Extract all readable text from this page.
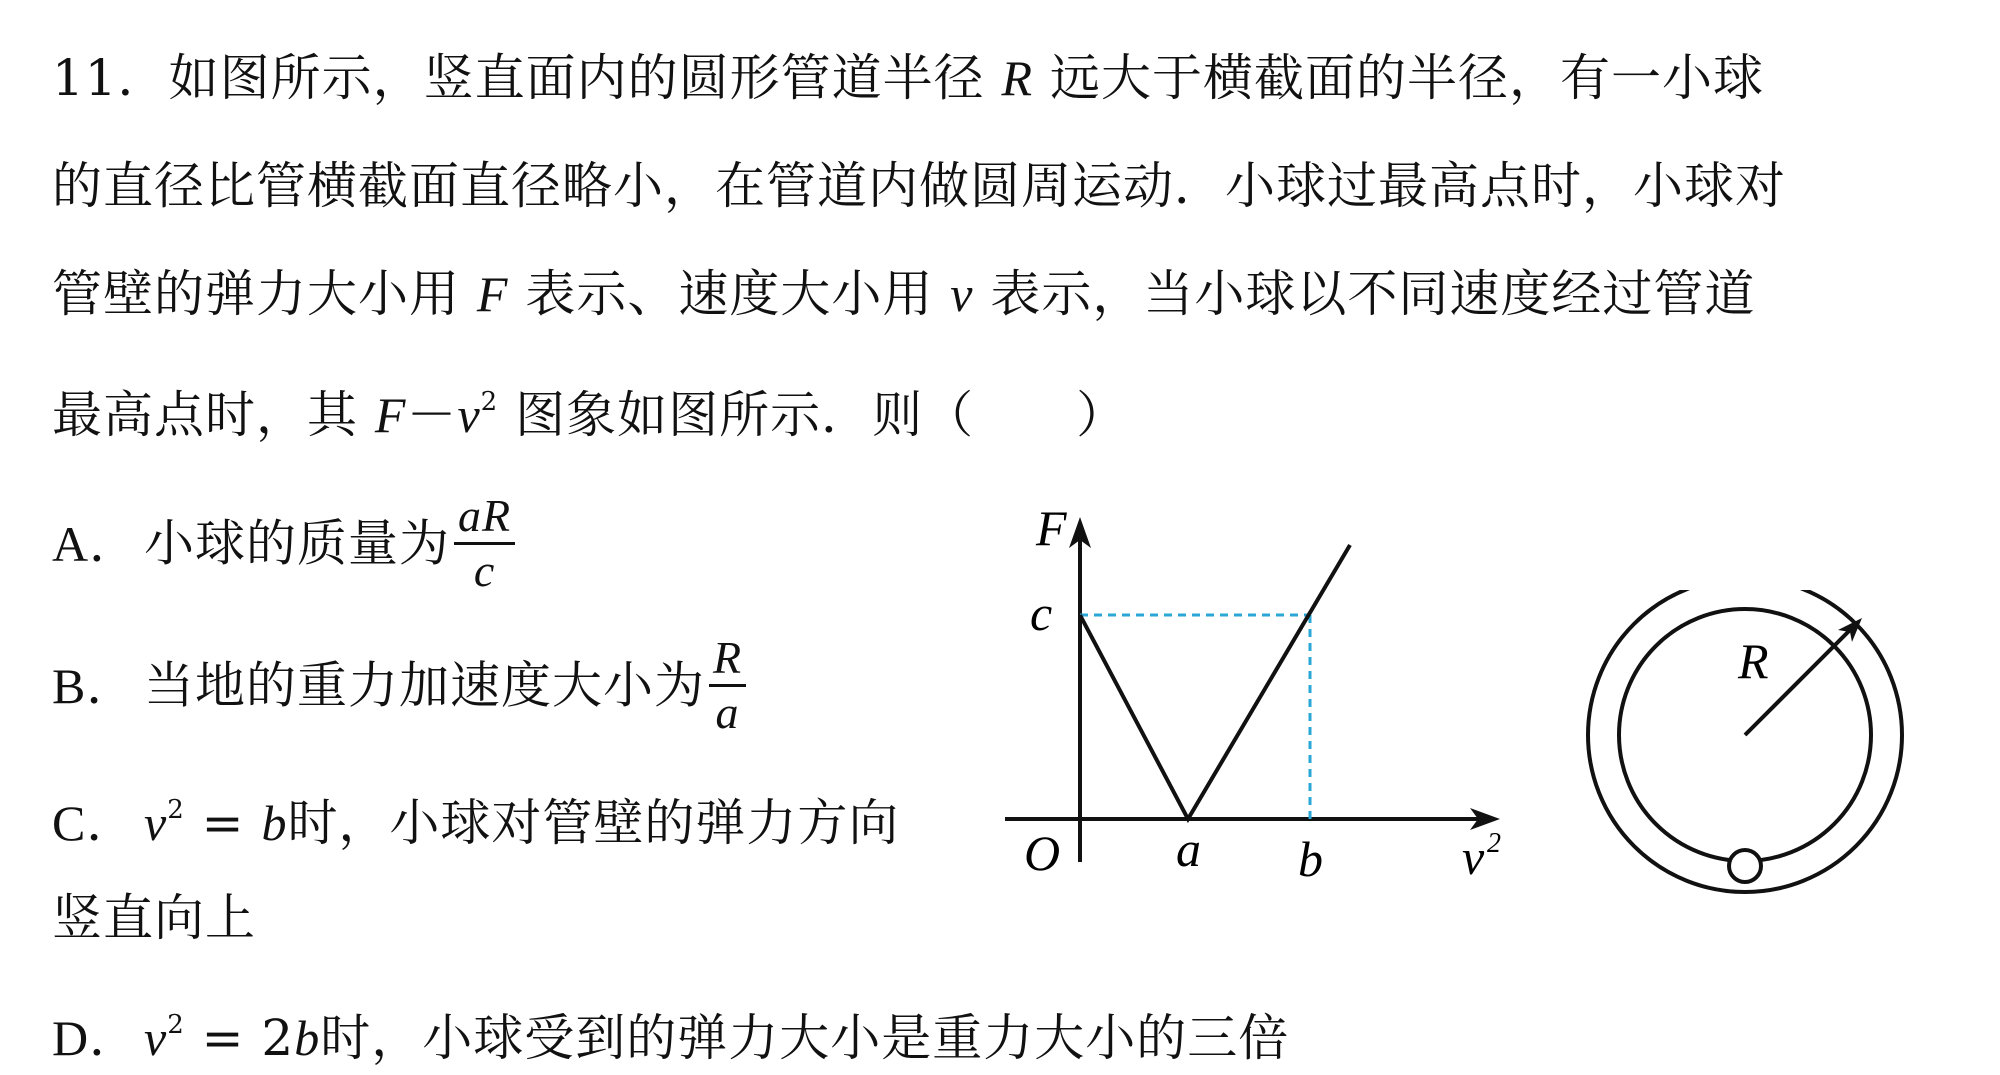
11．如图所示，竖直面内的圆形管道半径 R 远大于横截面的半径，有一小球
的直径比管横截面直径略小，在管道内做圆周运动．小球过最高点时，小球对
管壁的弹力大小用 F 表示、速度大小用 v 表示，当小球以不同速度经过管道
最高点时，其 $F-v^2$ 图象如图所示．则（　　）
A．小球的质量为 $\frac{aR}{c}$
B． 当地的重力加速度大小为 $\frac{R}{a}$
C． $v^2 = b$时，小球对管壁的弹力方向
竖直向上
D．$v^2 = 2b$时，小球受到的弹力大小是重力大小的三倍
F
c
O a b	v 2
R
